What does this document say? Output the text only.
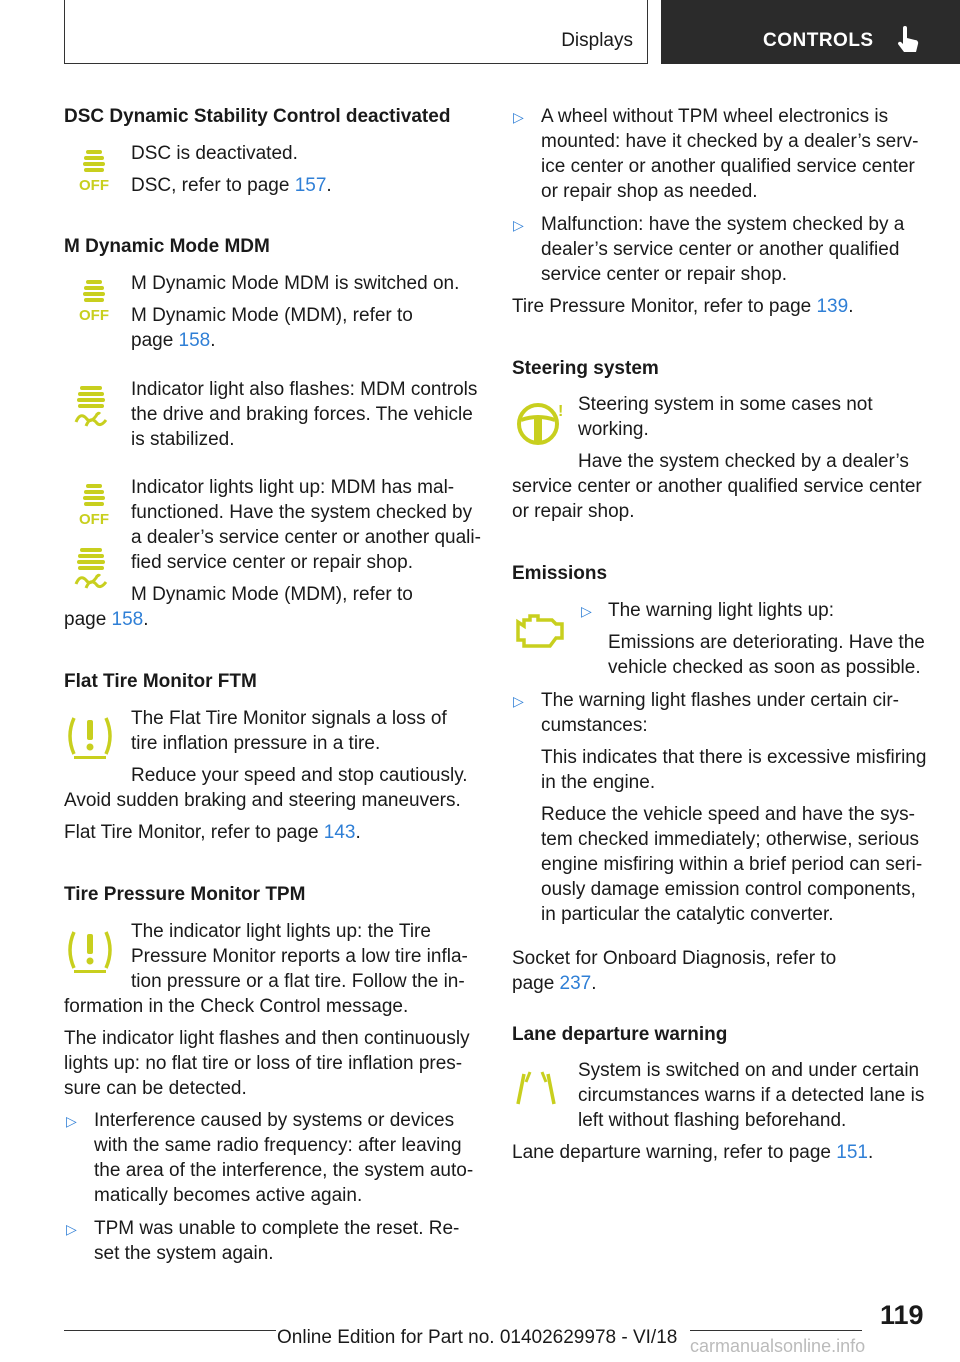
Displays	CONTROLS
DSC Dynamic Stability Control deactivated
DSC is deactivated.
DSC, refer to page 157.
M Dynamic Mode MDM
M Dynamic Mode MDM is switched on.
M Dynamic Mode (MDM), refer to
page 158.
Indicator light also flashes: MDM controls
the drive and braking forces. The vehicle
is stabilized.
Indicator lights light up: MDM has mal‐
functioned. Have the system checked by
a dealer’s service center or another quali‐
fied service center or repair shop.
M Dynamic Mode (MDM), refer to
page 158.
Flat Tire Monitor FTM
The Flat Tire Monitor signals a loss of
tire inflation pressure in a tire.
Reduce your speed and stop cautiously.
Avoid sudden braking and steering maneuvers.
Flat Tire Monitor, refer to page 143.
Tire Pressure Monitor TPM
The indicator light lights up: the Tire
Pressure Monitor reports a low tire infla‐
tion pressure or a flat tire. Follow the in‐
formation in the Check Control message.
The indicator light flashes and then continuously
lights up: no flat tire or loss of tire inflation pres‐
sure can be detected.
▷ Interference caused by systems or devices
with the same radio frequency: after leaving
the area of the interference, the system auto‐
matically becomes active again.
▷ TPM was unable to complete the reset. Re‐
set the system again.
▷ A wheel without TPM wheel electronics is
mounted: have it checked by a dealer’s serv‐
ice center or another qualified service center
or repair shop as needed.
▷ Malfunction: have the system checked by a
dealer’s service center or another qualified
service center or repair shop.
Tire Pressure Monitor, refer to page 139.
Steering system
Steering system in some cases not
working.
Have the system checked by a dealer’s
service center or another qualified service center
or repair shop.
Emissions
▷ The warning light lights up:
Emissions are deteriorating. Have the
vehicle checked as soon as possible.
▷ The warning light flashes under certain cir‐
cumstances:
This indicates that there is excessive misfiring
in the engine.
Reduce the vehicle speed and have the sys‐
tem checked immediately; otherwise, serious
engine misfiring within a brief period can seri‐
ously damage emission control components,
in particular the catalytic converter.
Socket for Onboard Diagnosis, refer to
page 237.
Lane departure warning
System is switched on and under certain
circumstances warns if a detected lane is
left without flashing beforehand.
Lane departure warning, refer to page 151.
119
Online Edition for Part no. 01402629978 - VI/18 carmanualsonline.info
